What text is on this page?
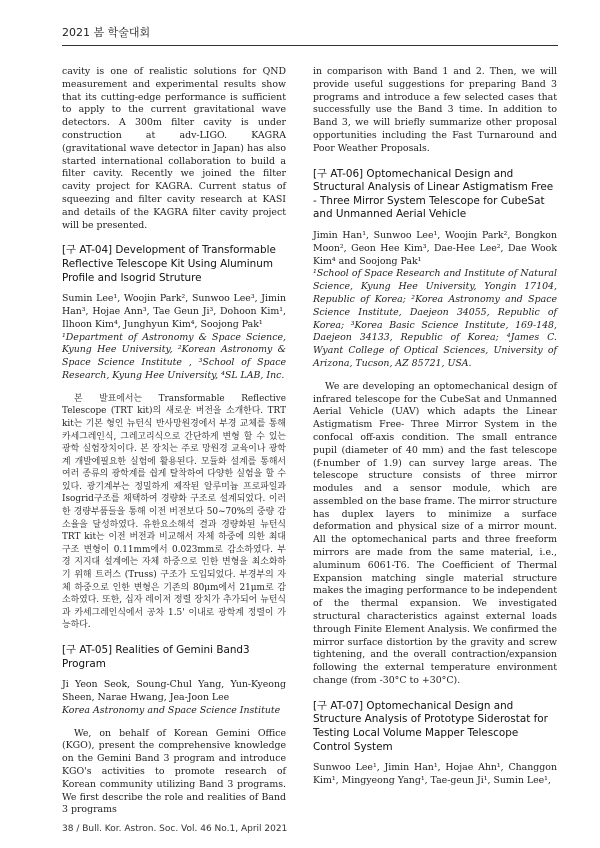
2021 봄 학술대회

cavity is one of realistic solutions for QND measurement and experimental results show that its cutting-edge performance is sufficient to apply to the current gravitational wave detectors. A 300m filter cavity is under construction at adv-LIGO. KAGRA (gravitational wave detector in Japan) has also started international collaboration to build a filter cavity. Recently we joined the filter cavity project for KAGRA. Current status of squeezing and filter cavity research at KASI and details of the KAGRA filter cavity project will be presented.

[구 AT-04] Development of Transformable Reflective Telescope Kit Using Aluminum Profile and Isogrid Struture

Sumin Lee¹, Woojin Park², Sunwoo Lee³, Jimin Han³, Hojae Ann³, Tae Geun Ji³, Dohoon Kim¹, Ilhoon Kim⁴, Junghyun Kim⁴, Soojong Pak¹

¹Department of Astronomy & Space Science, Kyung Hee University, ²Korean Astronomy & Space Science Institute , ³School of Space Research, Kyung Hee University, ⁴SL LAB, Inc.

본 발표에서는 Transformable Reflective Telescope (TRT kit)의 새로운 버전을 소개한다. TRT kit는 기본 형인 뉴턴식 반사망원경에서 부경 교체를 통해 카세그레인식, 그레고리식으로 간단하게 변형 할 수 있는 광학 실험장치이다. 본 장치는 주로 망원경 교육이나 광학계 개발에필요한 실험에 활용된다. 모듈화 설계를 통해서 여러 종류의 광학계를 쉽게 탈착하여 다양한 실험을 할 수 있다. 광기계부는 정밀하게 제작된 알루미늄 프로파일과 Isogrid구조를 채택하여 경량화 구조로 설계되었다. 이러한 경량부품들을 통해 이전 버전보다 50~70%의 중량 감소율을 달성하였다. 유한요소해석 결과 경량화된 뉴턴식 TRT kit는 이전 버전과 비교해서 자체 하중에 의한 최대 구조 변형이 0.11mm에서 0.023mm로 감소하였다. 부경 지지대 설계에는 자체 하중으로 인한 변형을 최소화하기 위해 트러스 (Truss) 구조가 도입되었다. 부경부의 자체 하중으로 인한 변형은 기존의 80μm에서 21μm로 감소하였다. 또한, 십자 레이저 정렬 장치가 추가되어 뉴턴식과 카세그레인식에서 공차 1.5' 이내로 광학계 정렬이 가능하다.

[구 AT-05] Realities of Gemini Band3 Program

Ji Yeon Seok, Soung-Chul Yang, Yun-Kyeong Sheen, Narae Hwang, Jea-Joon Lee

Korea Astronomy and Space Science Institute

We, on behalf of Korean Gemini Office (KGO), present the comprehensive knowledge on the Gemini Band 3 program and introduce KGO's activities to promote research of Korean community utilizing Band 3 programs. We first describe the role and realities of Band 3 programs

in comparison with Band 1 and 2. Then, we will provide useful suggestions for preparing Band 3 programs and introduce a few selected cases that successfully use the Band 3 time. In addition to Band 3, we will briefly summarize other proposal opportunities including the Fast Turnaround and Poor Weather Proposals.

[구 AT-06] Optomechanical Design and Structural Analysis of Linear Astigmatism Free - Three Mirror System Telescope for CubeSat and Unmanned Aerial Vehicle

Jimin Han¹, Sunwoo Lee¹, Woojin Park², Bongkon Moon², Geon Hee Kim³, Dae-Hee Lee², Dae Wook Kim⁴ and Soojong Pak¹

¹School of Space Research and Institute of Natural Science, Kyung Hee University, Yongin 17104, Republic of Korea; ²Korea Astronomy and Space Science Institute, Daejeon 34055, Republic of Korea; ³Korea Basic Science Institute, 169-148, Daejeon 34133, Republic of Korea; ⁴James C. Wyant College of Optical Sciences, University of Arizona, Tucson, AZ 85721, USA.

We are developing an optomechanical design of infrared telescope for the CubeSat and Unmanned Aerial Vehicle (UAV) which adapts the Linear Astigmatism Free- Three Mirror System in the confocal off-axis condition. The small entrance pupil (diameter of 40 mm) and the fast telescope (f-number of 1.9) can survey large areas. The telescope structure consists of three mirror modules and a sensor module, which are assembled on the base frame. The mirror structure has duplex layers to minimize a surface deformation and physical size of a mirror mount. All the optomechanical parts and three freeform mirrors are made from the same material, i.e., aluminum 6061-T6. The Coefficient of Thermal Expansion matching single material structure makes the imaging performance to be independent of the thermal expansion. We investigated structural characteristics against external loads through Finite Element Analysis. We confirmed the mirror surface distortion by the gravity and screw tightening, and the overall contraction/expansion following the external temperature environment change (from -30°C to +30°C).

[구 AT-07] Optomechanical Design and Structure Analysis of Prototype Siderostat for Testing Local Volume Mapper Telescope Control System

Sunwoo Lee¹, Jimin Han¹, Hojae Ahn¹, Changgon Kim¹, Mingyeong Yang¹, Tae-geun Ji¹, Sumin Lee¹,

38 / Bull. Kor. Astron. Soc. Vol. 46 No.1, April 2021
